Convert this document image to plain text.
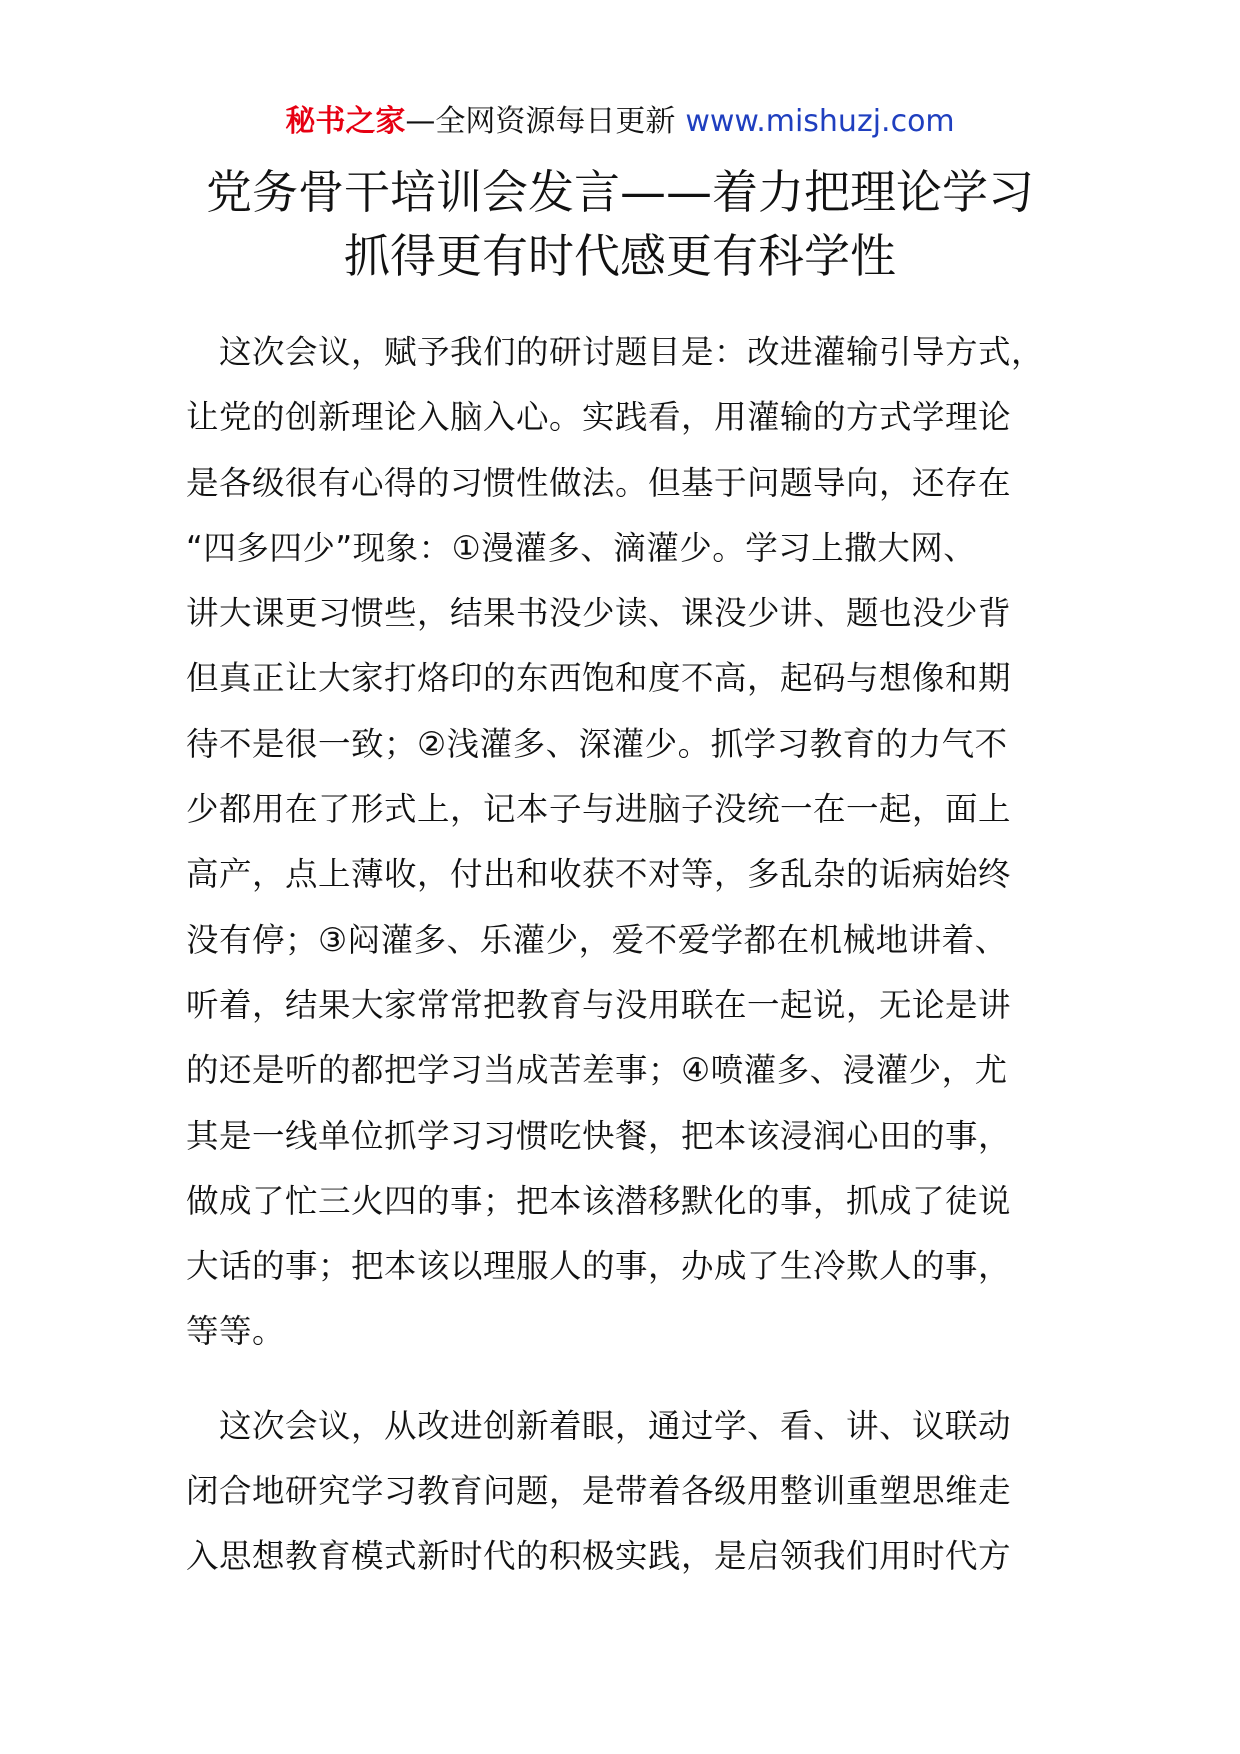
秘书之家—全网资源每日更新 www.mishuzj.com
党务骨干培训会发言——着力把理论学习
抓得更有时代感更有科学性
　这次会议，赋予我们的研讨题目是：改进灌输引导方式，
让党的创新理论入脑入心。实践看，用灌输的方式学理论
是各级很有心得的习惯性做法。但基于问题导向，还存在
“四多四少”现象：①漫灌多、滴灌少。学习上撒大网、
讲大课更习惯些，结果书没少读、课没少讲、题也没少背
但真正让大家打烙印的东西饱和度不高，起码与想像和期
待不是很一致；②浅灌多、深灌少。抓学习教育的力气不
少都用在了形式上，记本子与进脑子没统一在一起，面上
高产，点上薄收，付出和收获不对等，多乱杂的诟病始终
没有停；③闷灌多、乐灌少，爱不爱学都在机械地讲着、
听着，结果大家常常把教育与没用联在一起说，无论是讲
的还是听的都把学习当成苦差事；④喷灌多、浸灌少，尤
其是一线单位抓学习习惯吃快餐，把本该浸润心田的事，
做成了忙三火四的事；把本该潜移默化的事，抓成了徒说
大话的事；把本该以理服人的事，办成了生冷欺人的事，
等等。
　这次会议，从改进创新着眼，通过学、看、讲、议联动
闭合地研究学习教育问题，是带着各级用整训重塑思维走
入思想教育模式新时代的积极实践，是启领我们用时代方
